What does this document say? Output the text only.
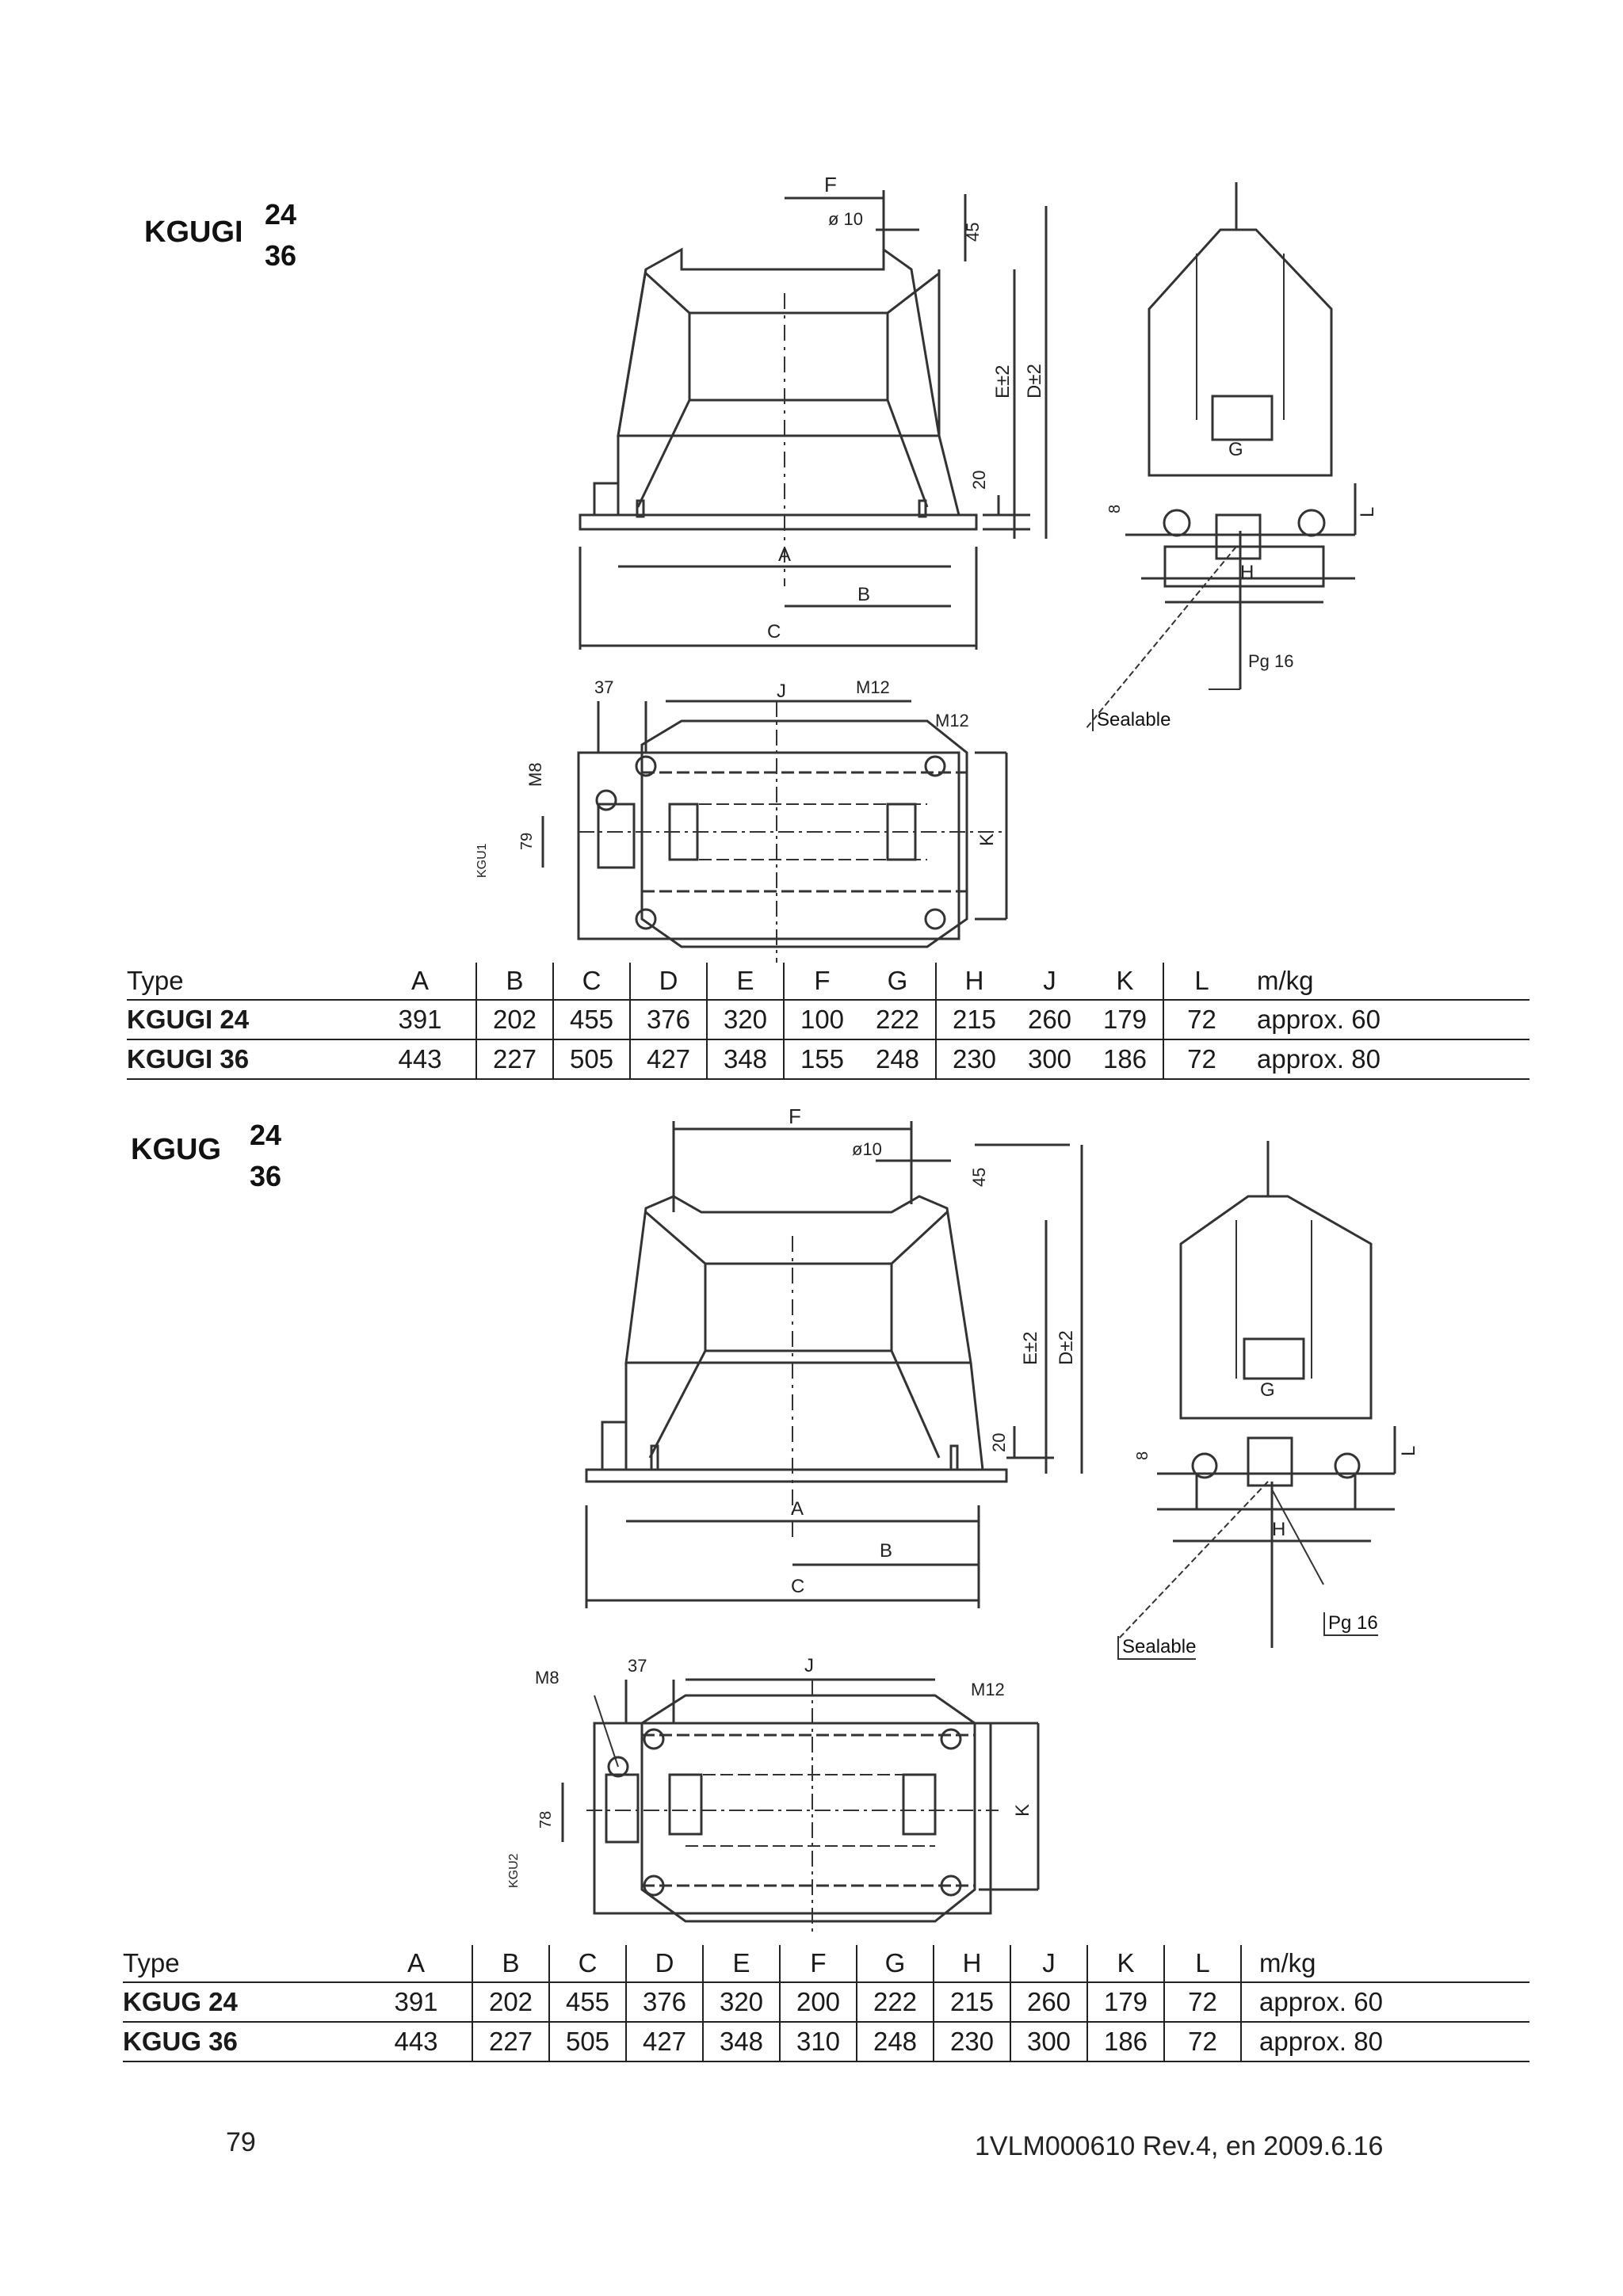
KGUGI
24
36
F
ø 10
45
E±2 D±2
20
A
B
C
G
8	L
H
Pg 16
Sealable
37	J	M12
M12
M8
79	K
KGU1
Type	A	B	C	D	E	F	G	H	J	K	L	m/kg
KGUGI 24	391	202	455	376	320	100	222	215	260	179	72	approx. 60
KGUGI 36	443	227	505	427	348	155	248	230	300	186	72	approx. 80
KGUG 24
36
F
ø10
45
E±2 D±2
20
A
B
C
G
8	L
H
Pg 16
Sealable
37	J
M12
M8
78
K
KGU2
Type	A	B	C	D	E	F	G	H	J	K	L	m/kg
KGUG 24	391	202	455	376	320	200	222	215	260	179	72	approx. 60
KGUG 36	443	227	505	427	348	310	248	230	300	186	72	approx. 80
79	1VLM000610 Rev.4, en 2009.6.16
